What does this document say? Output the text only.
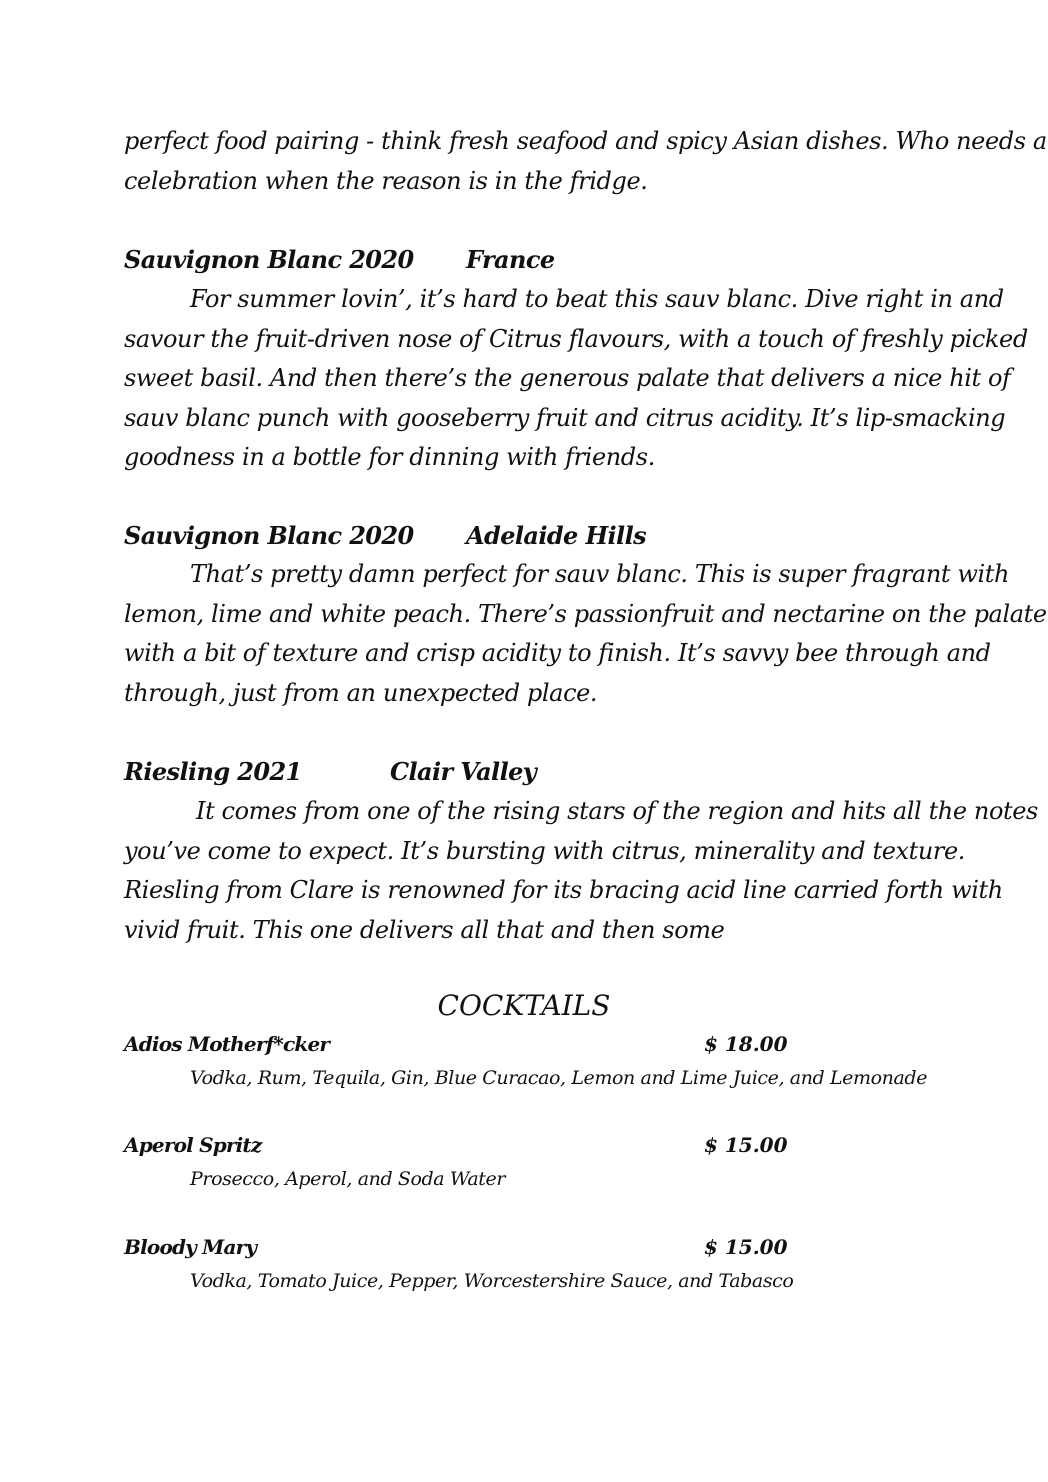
perfect food pairing - think fresh seafood and spicy Asian dishes. Who needs a
celebration when the reason is in the fridge.

Sauvignon Blanc 2020 France

For summer lovin’, it’s hard to beat this sauv blanc. Dive right in and
savour the fruit-driven nose of Citrus flavours, with a touch of freshly picked
sweet basil. And then there’s the generous palate that delivers a nice hit of
sauv blanc punch with gooseberry fruit and citrus acidity. It’s lip-smacking
goodness in a bottle for dinning with friends.

Sauvignon Blanc 2020 Adelaide Hills

That’s pretty damn perfect for sauv blanc. This is super fragrant with
lemon, lime and white peach. There’s passionfruit and nectarine on the palate
with a bit of texture and crisp acidity to finish. It’s savvy bee through and
through, just from an unexpected place.

Riesling 2021	Clair Valley

It comes from one of the rising stars of the region and hits all the notes
you’ve come to expect. It’s bursting with citrus, minerality and texture.
Riesling from Clare is renowned for its bracing acid line carried forth with
vivid fruit. This one delivers all that and then some

COCKTAILS
Adios Motherf*cker	$ 18.00
Vodka, Rum, Tequila, Gin, Blue Curacao, Lemon and Lime Juice, and Lemonade
Aperol Spritz	$ 15.00
Prosecco, Aperol, and Soda Water
Bloody Mary	$ 15.00
Vodka, Tomato Juice, Pepper, Worcestershire Sauce, and Tabasco
